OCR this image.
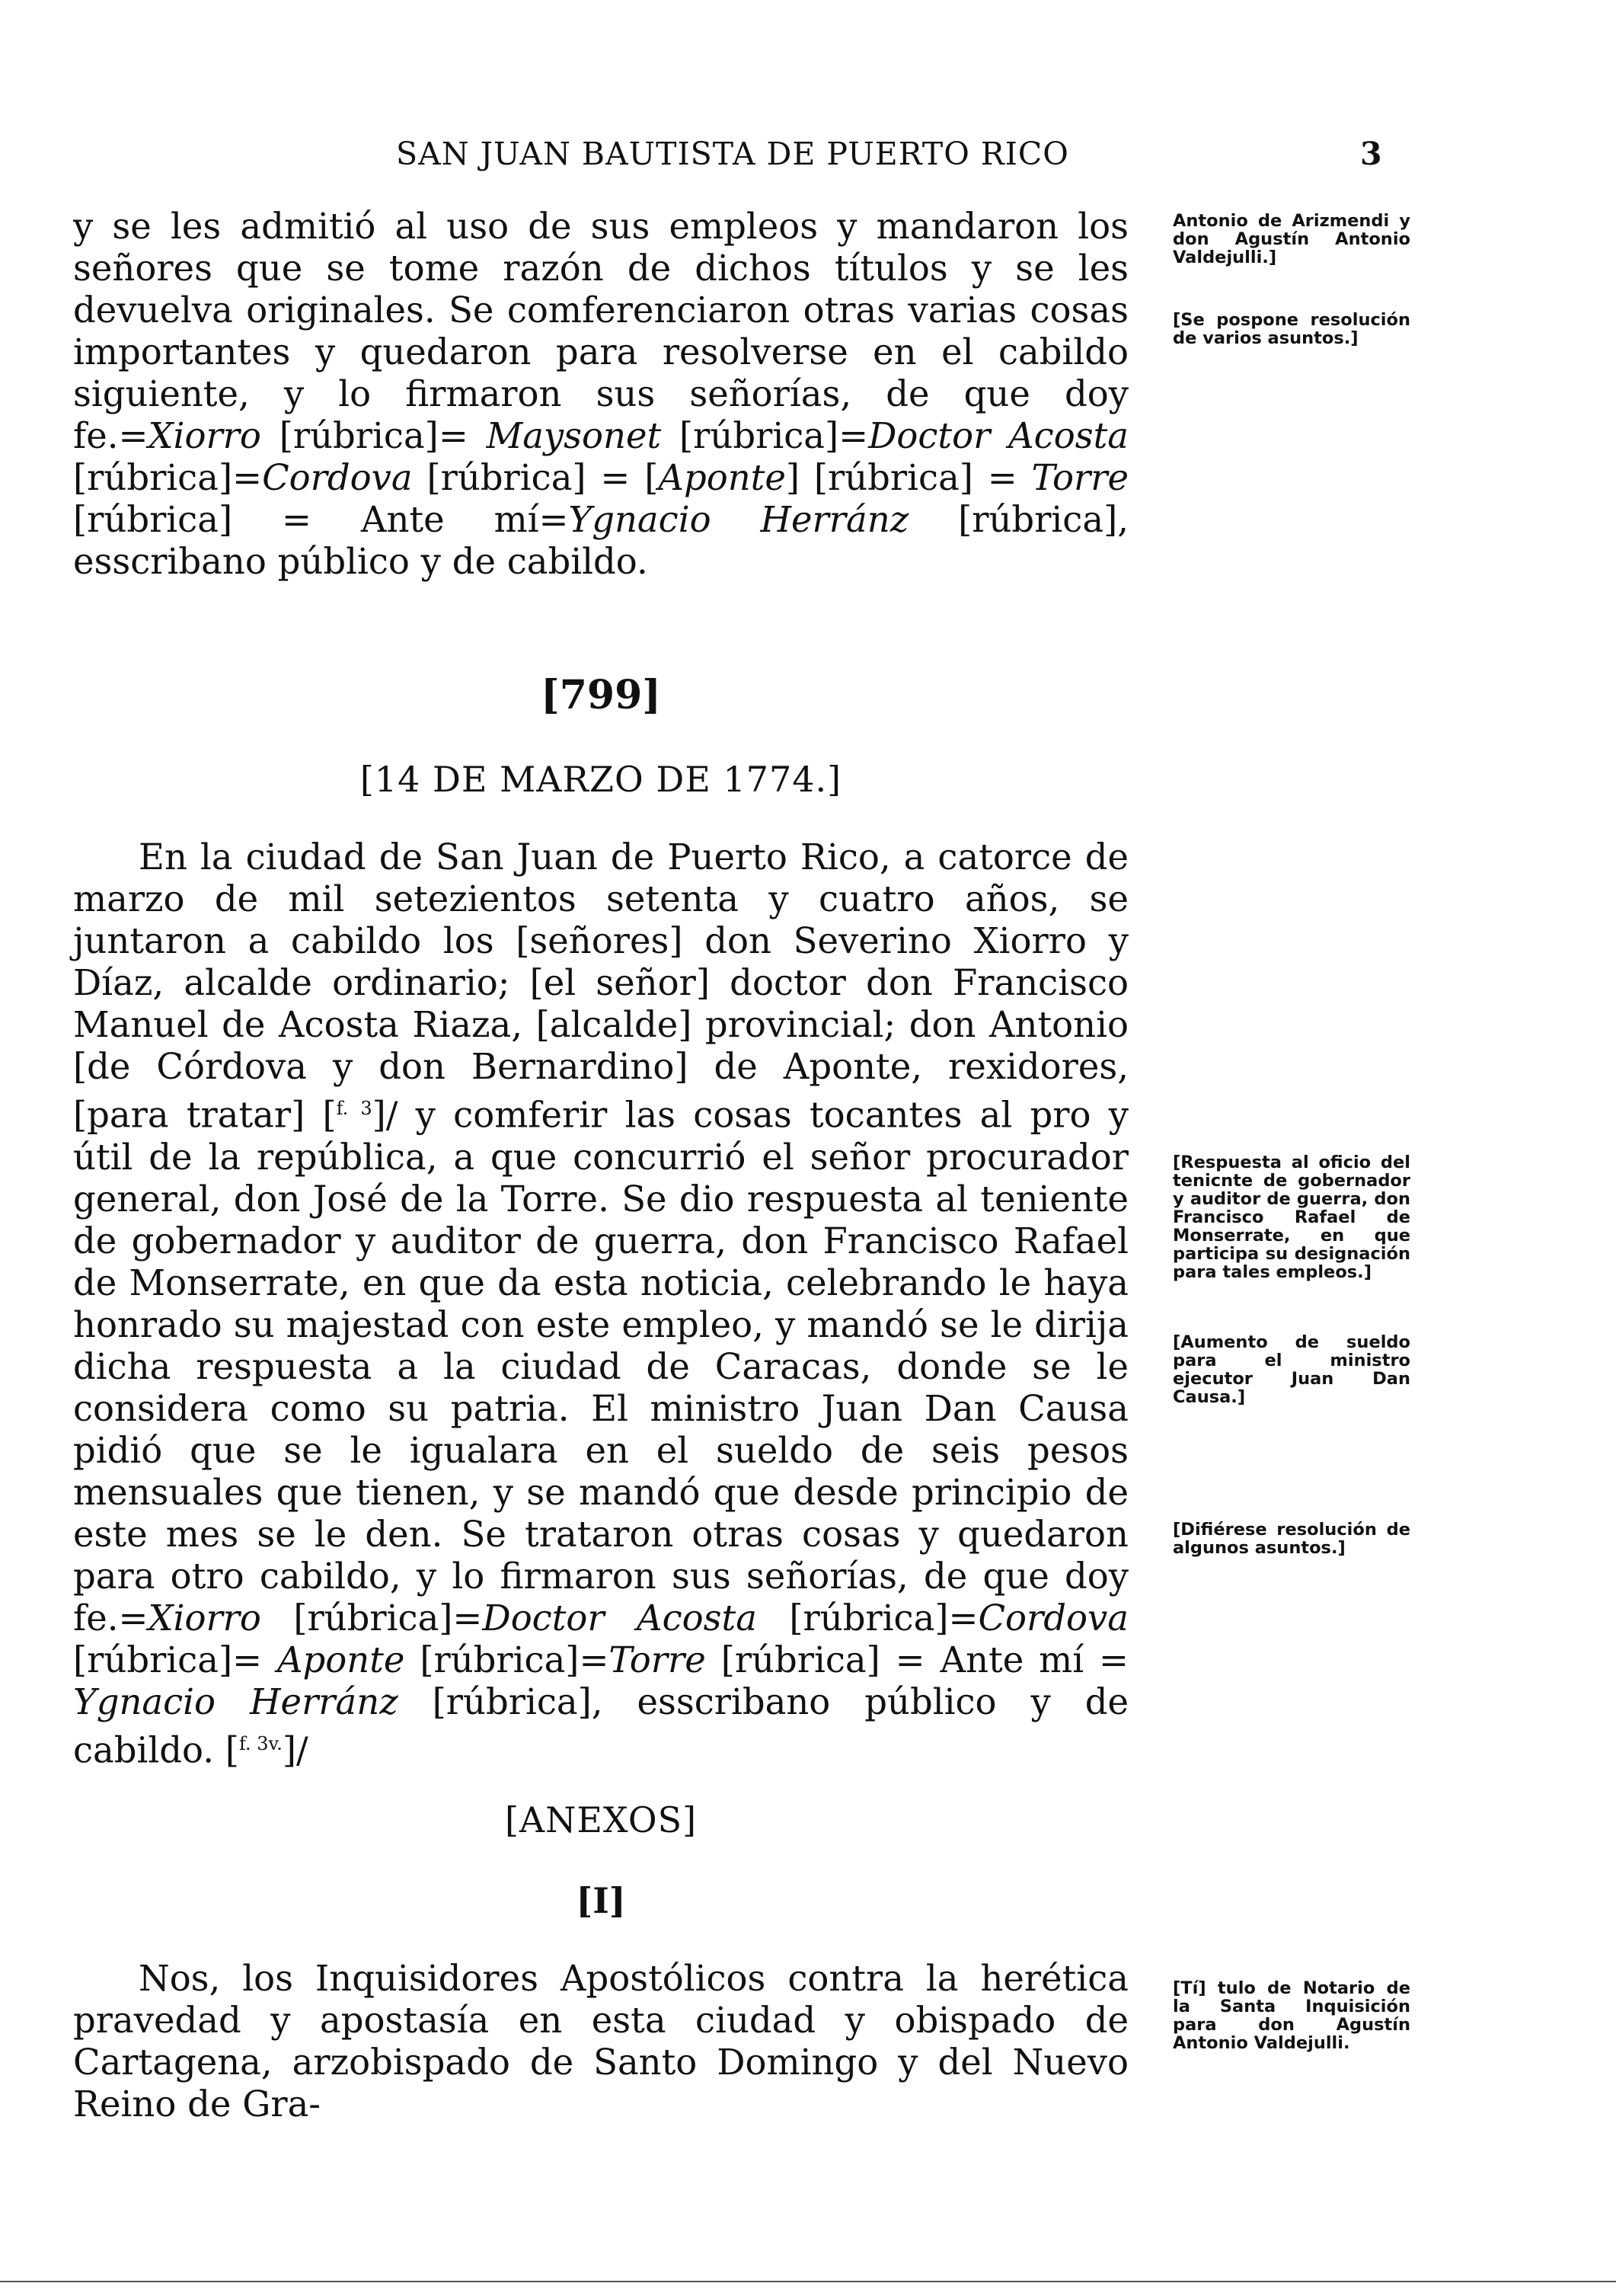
SAN JUAN BAUTISTA DE PUERTO RICO	3

y se les admitió al uso de sus empleos y mandaron los señores que se tome razón de dichos títulos y se les devuelva originales. Se comferenciaron otras varias cosas importantes y quedaron para resolverse en el cabildo siguiente, y lo firmaron sus señorías, de que doy fe.=Xiorro [rúbrica]= Maysonet [rúbrica]=Doctor Acosta [rúbrica]=Cordova [rúbrica] = [Aponte] [rúbrica] = Torre [rúbrica] = Ante mí=Ygnacio Herránz [rúbrica], esscribano público y de cabildo.

[799]
[14 DE MARZO DE 1774.]

En la ciudad de San Juan de Puerto Rico, a catorce de marzo de mil setezientos setenta y cuatro años, se juntaron a cabildo los [señores] don Severino Xiorro y Díaz, alcalde ordinario; [el señor] doctor don Francisco Manuel de Acosta Riaza, [alcalde] provincial; don Antonio [de Córdova y don Bernardino] de Aponte, rexidores, [para tratar] [$^{f. 3}$]/ y comferir las cosas tocantes al pro y útil de la república, a que concurrió el señor procurador general, don José de la Torre. Se dio respuesta al teniente de gobernador y auditor de guerra, don Francisco Rafael de Monserrate, en que da esta noticia, celebrando le haya honrado su majestad con este empleo, y mandó se le dirija dicha respuesta a la ciudad de Caracas, donde se le considera como su patria. El ministro Juan Dan Causa pidió que se le igualara en el sueldo de seis pesos mensuales que tienen, y se mandó que desde principio de este mes se le den. Se trataron otras cosas y quedaron para otro cabildo, y lo firmaron sus señorías, de que doy fe.=Xiorro [rúbrica]=Doctor Acosta [rúbrica]=Cordova [rúbrica]= Aponte [rúbrica]=Torre [rúbrica] = Ante mí = Ygnacio Herránz [rúbrica], esscribano público y de cabildo. [$^{f. 3v.}$]/

[ANEXOS]
[I]

Nos, los Inquisidores Apostólicos contra la herética pravedad y apostasía en esta ciudad y obispado de Cartagena, arzobispado de Santo Domingo y del Nuevo Reino de Gra-

Antonio de Arizmendi y don Agustín Antonio Valdejulli.]

[Se pospone resolución de varios asuntos.]

[Respuesta al oficio del tenicnte de gobernador y auditor de guerra, don Francisco Rafael de Monserrate, en que participa su designación para tales empleos.]

[Aumento de sueldo para el ministro ejecutor Juan Dan Causa.]

[Difiérese resolución de algunos asuntos.]

[Tí] tulo de Notario de la Santa Inquisición para don Agustín Antonio Valdejulli.
